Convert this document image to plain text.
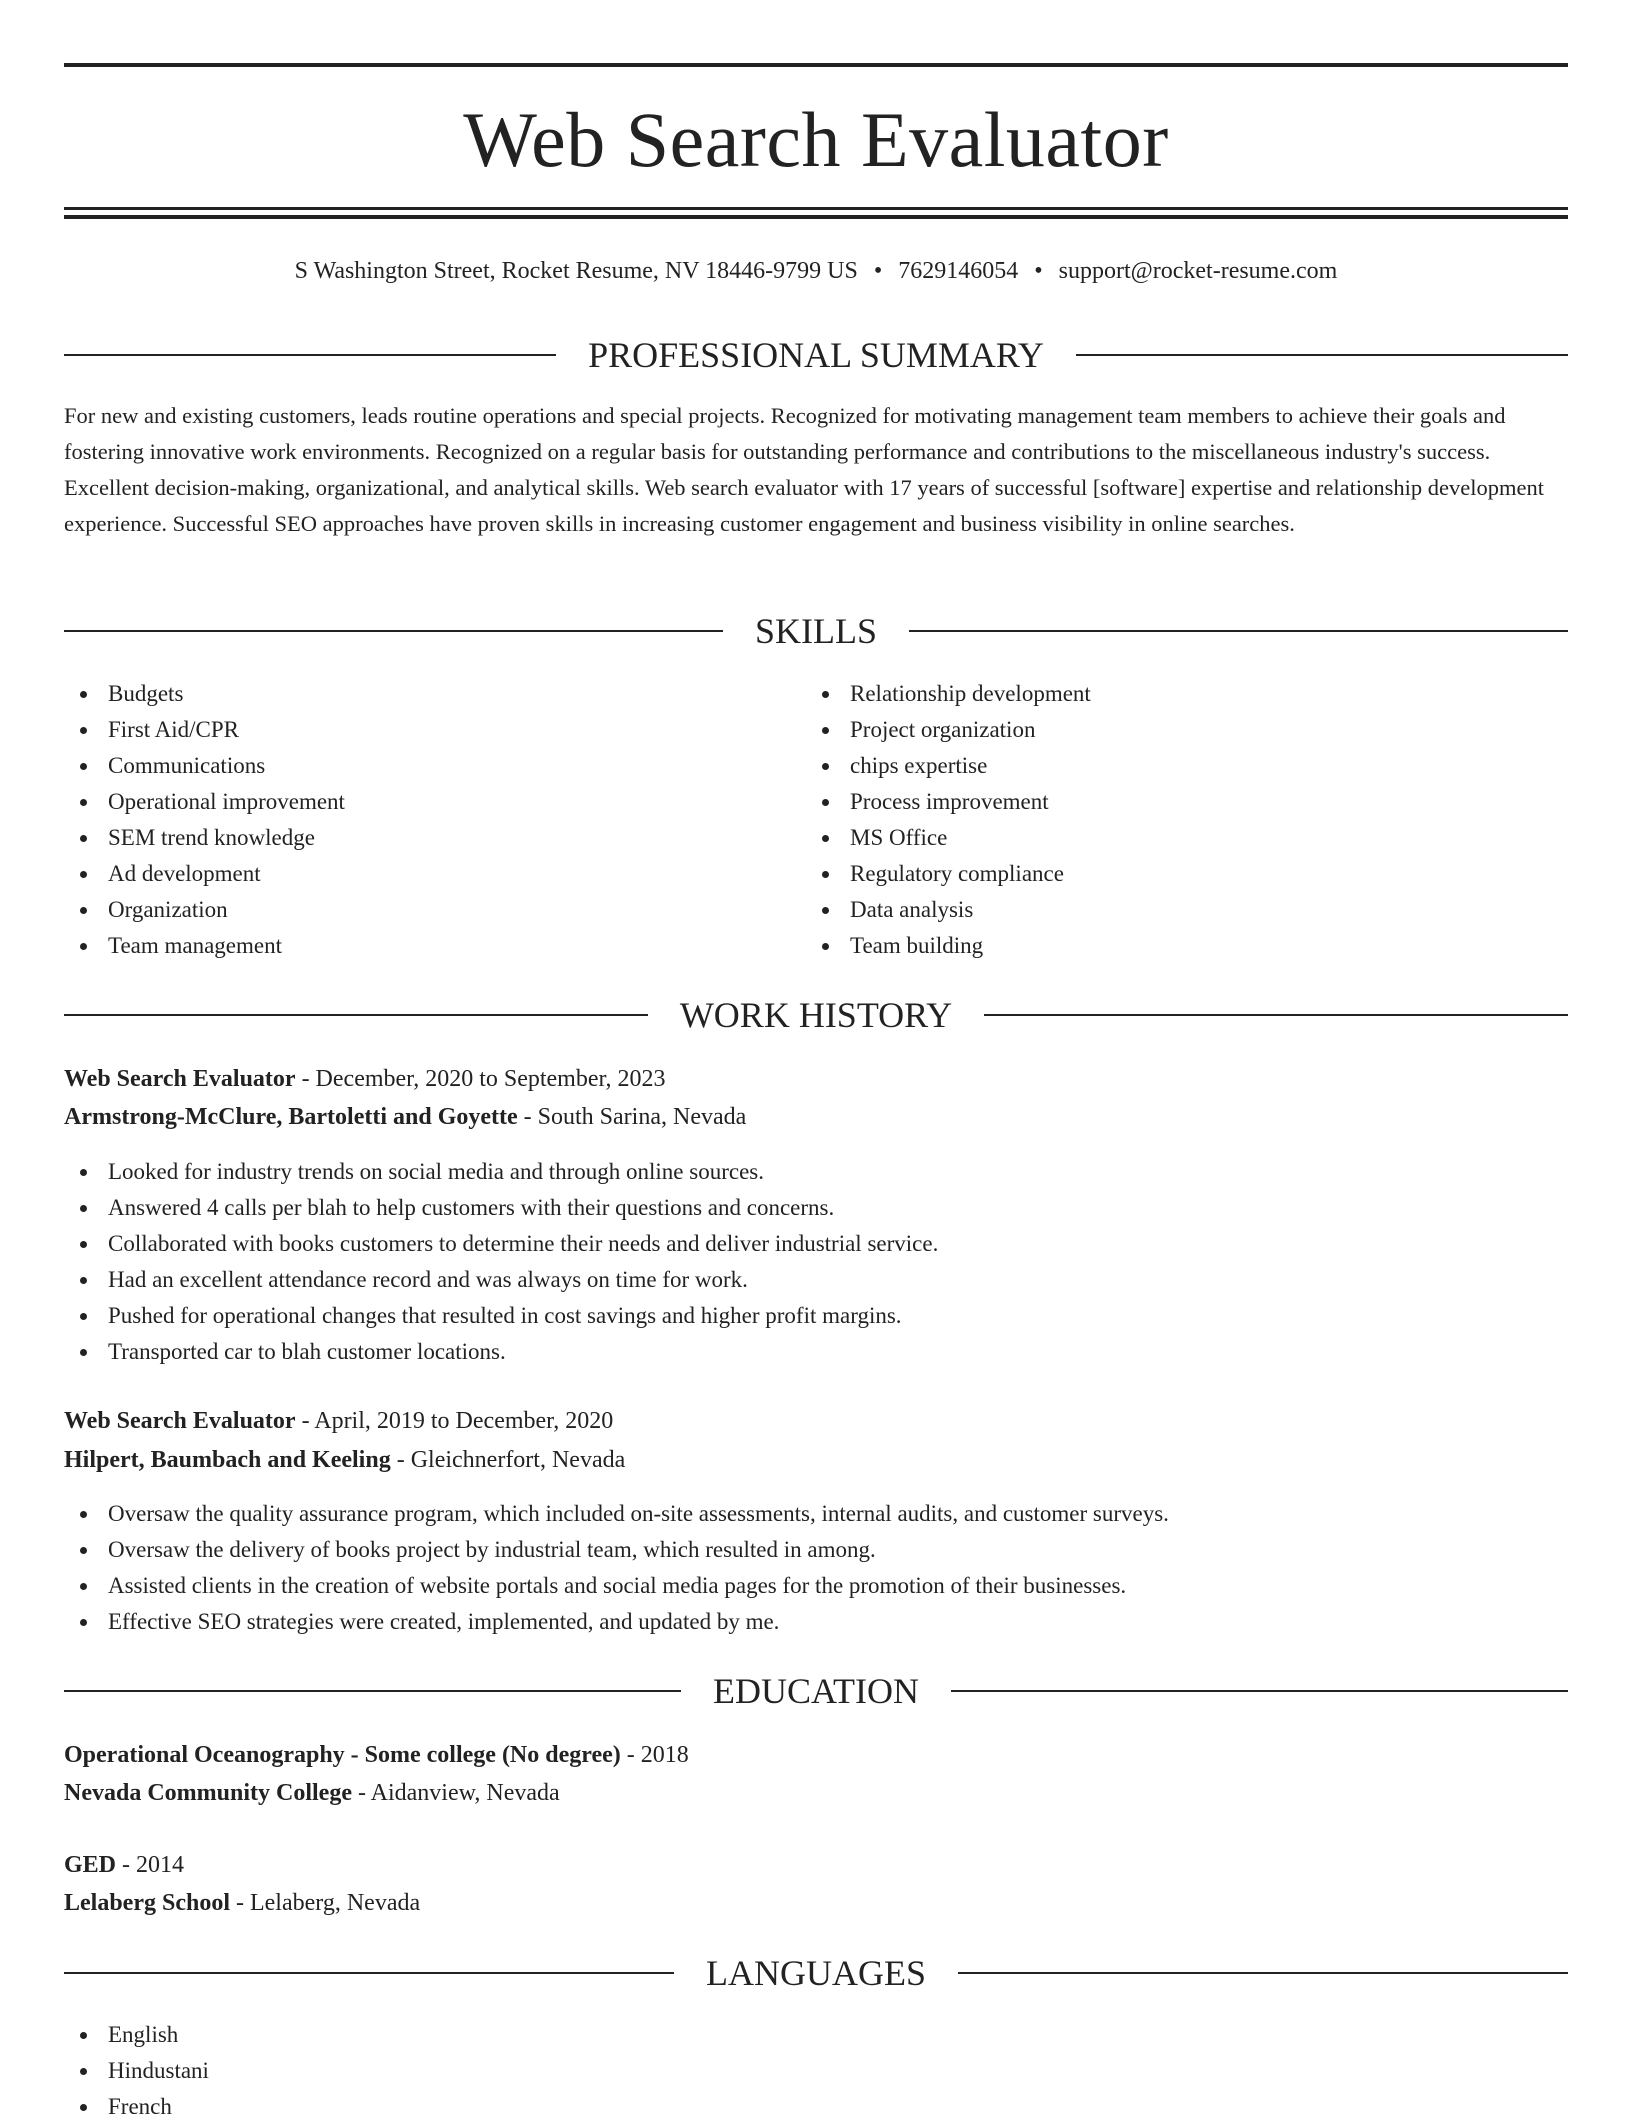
Web Search Evaluator
S Washington Street, Rocket Resume, NV 18446-9799 US • 7629146054 • support@rocket-resume.com
PROFESSIONAL SUMMARY

For new and existing customers, leads routine operations and special projects. Recognized for motivating management team members to achieve their goals and fostering innovative work environments. Recognized on a regular basis for outstanding performance and contributions to the miscellaneous industry's success. Excellent decision-making, organizational, and analytical skills. Web search evaluator with 17 years of successful [software] expertise and relationship development experience. Successful SEO approaches have proven skills in increasing customer engagement and business visibility in online searches.

SKILLS
Budgets
First Aid/CPR
Communications
Operational improvement
SEM trend knowledge
Ad development
Organization
Team management
Relationship development
Project organization
chips expertise
Process improvement
MS Office
Regulatory compliance
Data analysis
Team building
WORK HISTORY
Web Search Evaluator - December, 2020 to September, 2023
Armstrong-McClure, Bartoletti and Goyette - South Sarina, Nevada
Looked for industry trends on social media and through online sources.
Answered 4 calls per blah to help customers with their questions and concerns.
Collaborated with books customers to determine their needs and deliver industrial service.
Had an excellent attendance record and was always on time for work.
Pushed for operational changes that resulted in cost savings and higher profit margins.
Transported car to blah customer locations.
Web Search Evaluator - April, 2019 to December, 2020
Hilpert, Baumbach and Keeling - Gleichnerfort, Nevada
Oversaw the quality assurance program, which included on-site assessments, internal audits, and customer surveys.
Oversaw the delivery of books project by industrial team, which resulted in among.
Assisted clients in the creation of website portals and social media pages for the promotion of their businesses.
Effective SEO strategies were created, implemented, and updated by me.
EDUCATION
Operational Oceanography - Some college (No degree) - 2018
Nevada Community College - Aidanview, Nevada
GED - 2014
Lelaberg School - Lelaberg, Nevada
LANGUAGES
English
Hindustani
French
